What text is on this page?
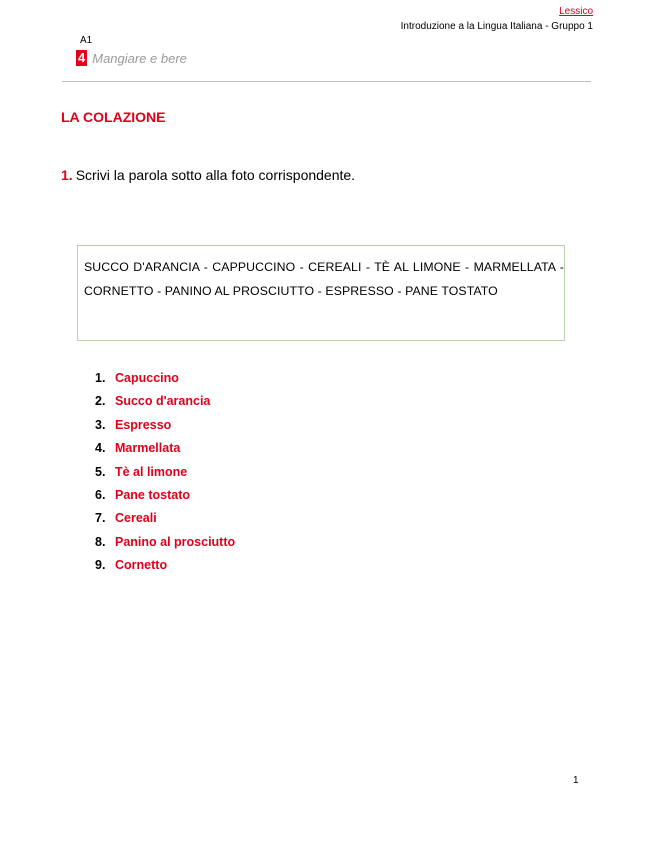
Lessico
Introduzione a la Lingua Italiana - Gruppo 1
A1
4 Mangiare e bere
LA COLAZIONE
1. Scrivi la parola sotto alla foto corrispondente.
SUCCO D'ARANCIA - CAPPUCCINO - CEREALI - TÈ AL LIMONE - MARMELLATA - CORNETTO - PANINO AL PROSCIUTTO - ESPRESSO - PANE TOSTATO
1. Capuccino
2. Succo d'arancia
3. Espresso
4. Marmellata
5. Tè al limone
6. Pane tostato
7. Cereali
8. Panino al prosciutto
9. Cornetto
1
